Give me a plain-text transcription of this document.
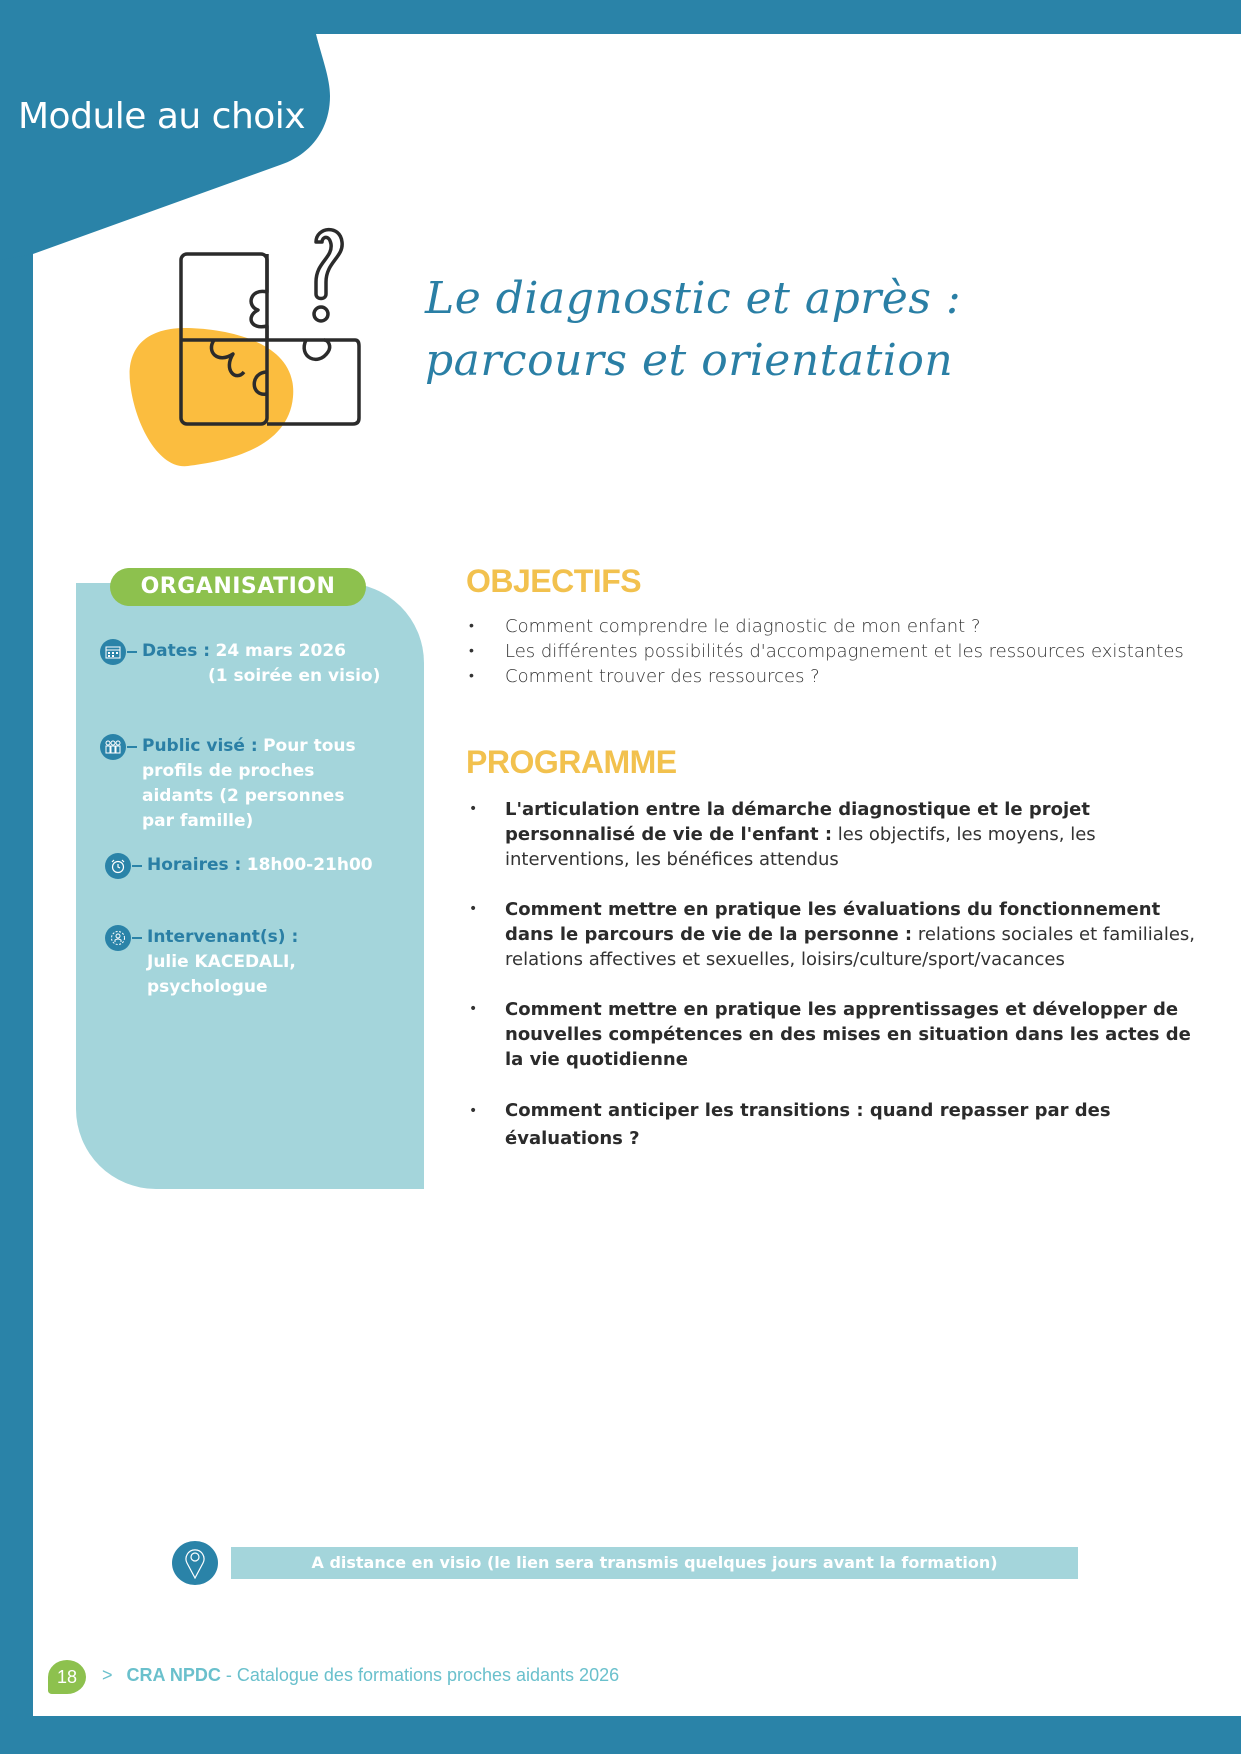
Module au choix
Le diagnostic et après :
parcours et orientation
ORGANISATION
Dates : 24 mars 2026
(1 soirée en visio)
Public visé : Pour tous profils de proches aidants (2 personnes par famille)
Horaires : 18h00-21h00
Intervenant(s) :
Julie KACEDALI, psychologue
OBJECTIFS
• Comment comprendre le diagnostic de mon enfant ?
• Les différentes possibilités d'accompagnement et les ressources existantes
• Comment trouver des ressources ?
PROGRAMME
• L'articulation entre la démarche diagnostique et le projet personnalisé de vie de l'enfant : les objectifs, les moyens, les interventions, les bénéfices attendus
• Comment mettre en pratique les évaluations du fonctionnement dans le parcours de vie de la personne : relations sociales et familiales, relations affectives et sexuelles, loisirs/culture/sport/vacances
• Comment mettre en pratique les apprentissages et développer de nouvelles compétences en des mises en situation dans les actes de la vie quotidienne
• Comment anticiper les transitions : quand repasser par des évaluations ?
A distance en visio (le lien sera transmis quelques jours avant la formation)
18	> CRA NPDC - Catalogue des formations proches aidants 2026
